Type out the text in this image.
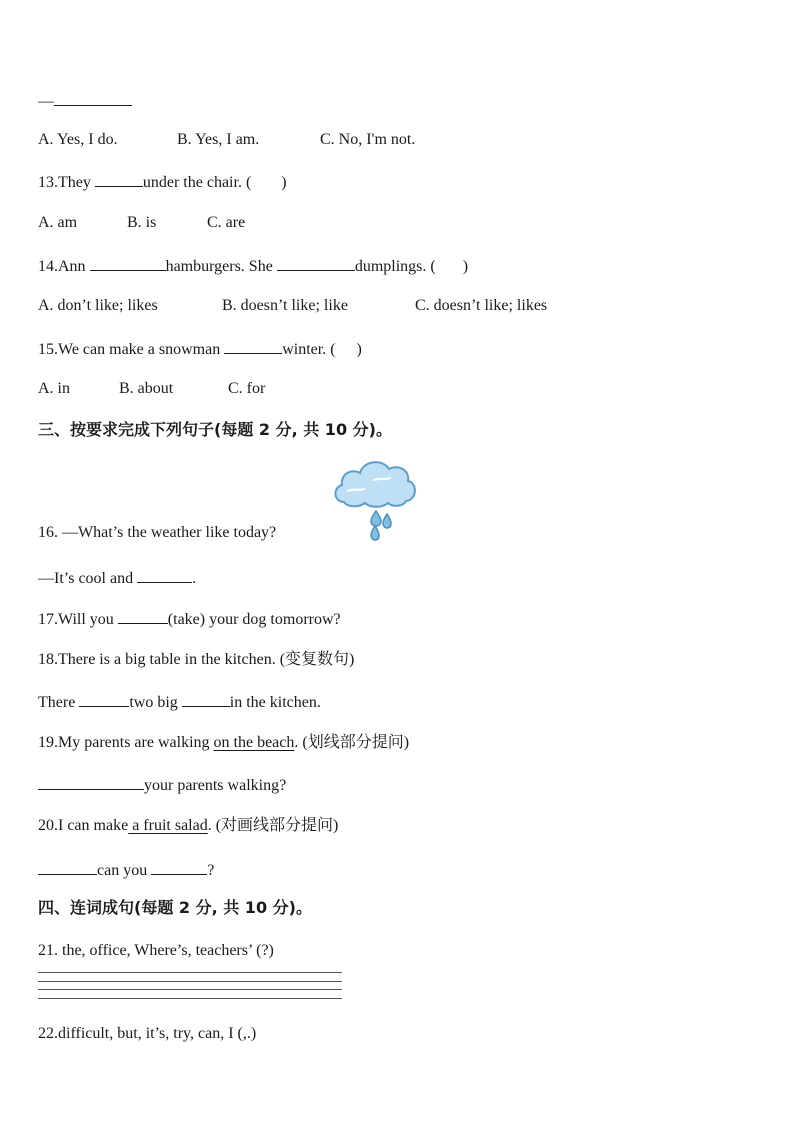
—
A. Yes, I do.	B. Yes, I am.	C. No, I'm not.
13.They	under the chair. ( )
A. am	B. is	C. are
14.Ann	hamburgers. She	dumplings. ( )
A. don’t like; likes	B. doesn’t like; like	C. doesn’t like; likes
15.We can make a snowman	winter. ( )
A. in	B. about	C. for
三、按要求完成下列句子(每题 2 分, 共 10 分)。
16. —What’s the weather like today?
—It’s cool and	.
17.Will you	(take) your dog tomorrow?
18.There is a big table in the kitchen. (变复数句)
There	two big	in the kitchen.
19.My parents are walking on the beach. (划线部分提问)
your parents walking?
20.I can make a fruit salad. (对画线部分提问)
can you	?
四、连词成句(每题 2 分, 共 10 分)。
21. the, office, Where’s, teachers’ (?)
22.difficult, but, it’s, try, can, I (,.)
